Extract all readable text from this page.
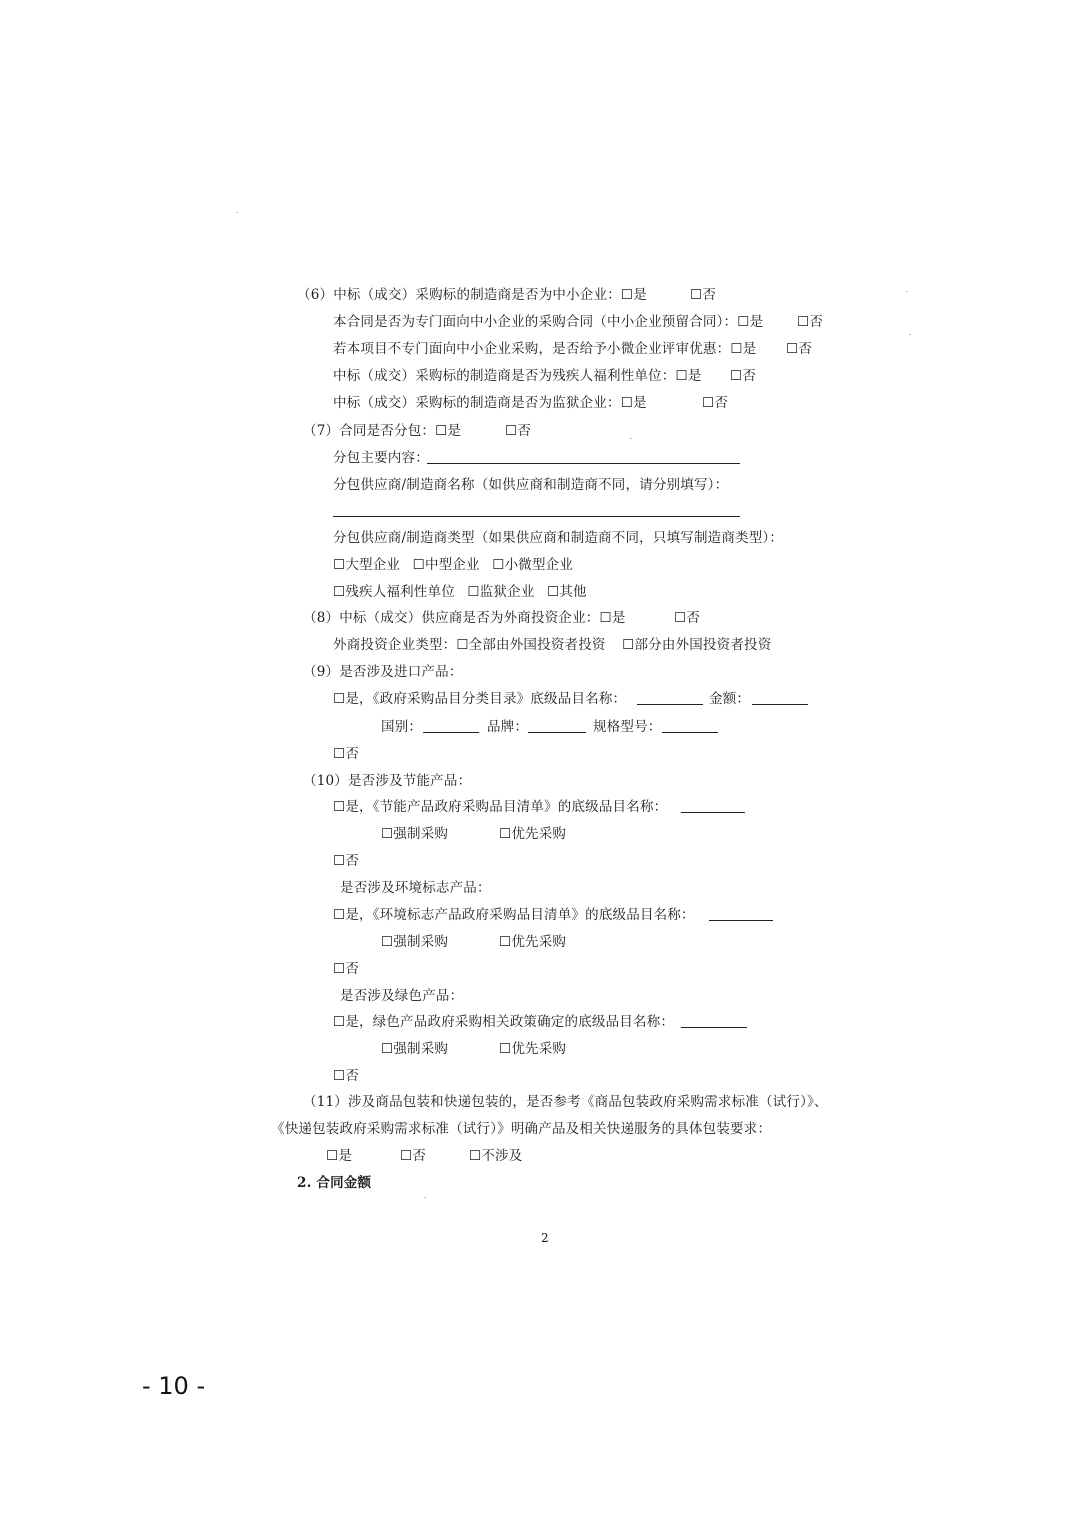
（6）中标（成交）采购标的制造商是否为中小企业：☐是	☐否
本合同是否为专门面向中小企业的采购合同（中小企业预留合同）：☐是 ☐否
若本项目不专门面向中小企业采购，是否给予小微企业评审优惠：☐是 ☐否
中标（成交）采购标的制造商是否为残疾人福利性单位：☐是 ☐否
中标（成交）采购标的制造商是否为监狱企业：☐是	☐否
（7）合同是否分包：☐是	☐否
分包主要内容：
分包供应商/制造商名称（如供应商和制造商不同，请分别填写）：
分包供应商/制造商类型（如果供应商和制造商不同，只填写制造商类型）：
☐大型企业 ☐中型企业 ☐小微型企业
☐残疾人福利性单位 ☐监狱企业 ☐其他
（8）中标（成交）供应商是否为外商投资企业：☐是	☐否
外商投资企业类型：☐全部由外国投资者投资 ☐部分由外国投资者投资
（9）是否涉及进口产品：
☐是，《政府采购品目分类目录》底级品目名称：	金额：
国别：	品牌：	规格型号：
☐否
（10）是否涉及节能产品：
☐是，《节能产品政府采购品目清单》的底级品目名称：
☐强制采购	☐优先采购
☐否
是否涉及环境标志产品：
☐是，《环境标志产品政府采购品目清单》的底级品目名称：
☐强制采购	☐优先采购
☐否
是否涉及绿色产品：
☐是，绿色产品政府采购相关政策确定的底级品目名称：
☐强制采购	☐优先采购
☐否
（11）涉及商品包装和快递包装的，是否参考《商品包装政府采购需求标准（试行）》、
《快递包装政府采购需求标准（试行）》明确产品及相关快递服务的具体包装要求：
☐是	☐否	☐不涉及
2. 合同金额
2
- 10 -
